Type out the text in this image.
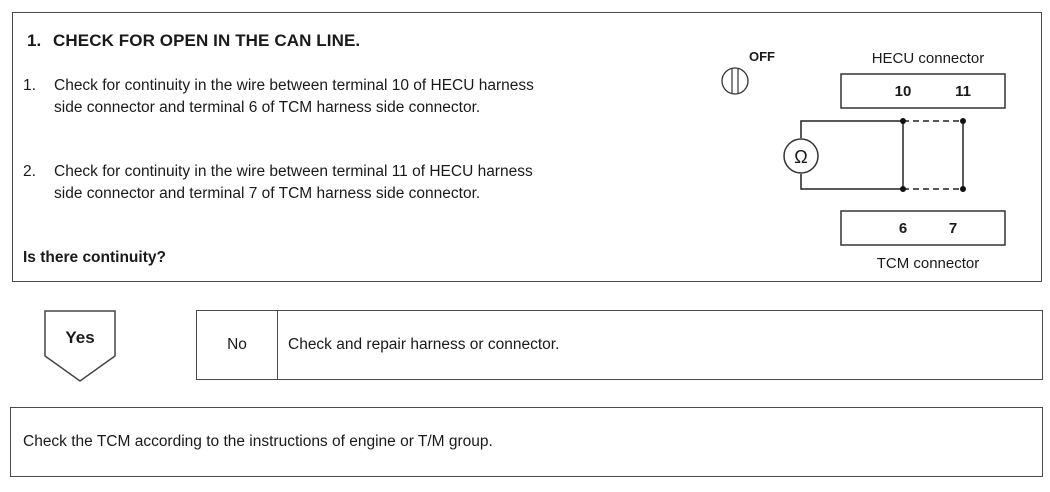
1. CHECK FOR OPEN IN THE CAN LINE.
1.	Check for continuity in the wire between terminal 10 of HECU harness side connector and terminal 6 of TCM harness side connector.
2.	Check for continuity in the wire between terminal 11 of HECU harness side connector and terminal 7 of TCM harness side connector.
Is there continuity?
OFF	HECU connector
10	11
Ω
6	7
TCM connector
Yes	No	Check and repair harness or connector.
Check the TCM according to the instructions of engine or T/M group.
